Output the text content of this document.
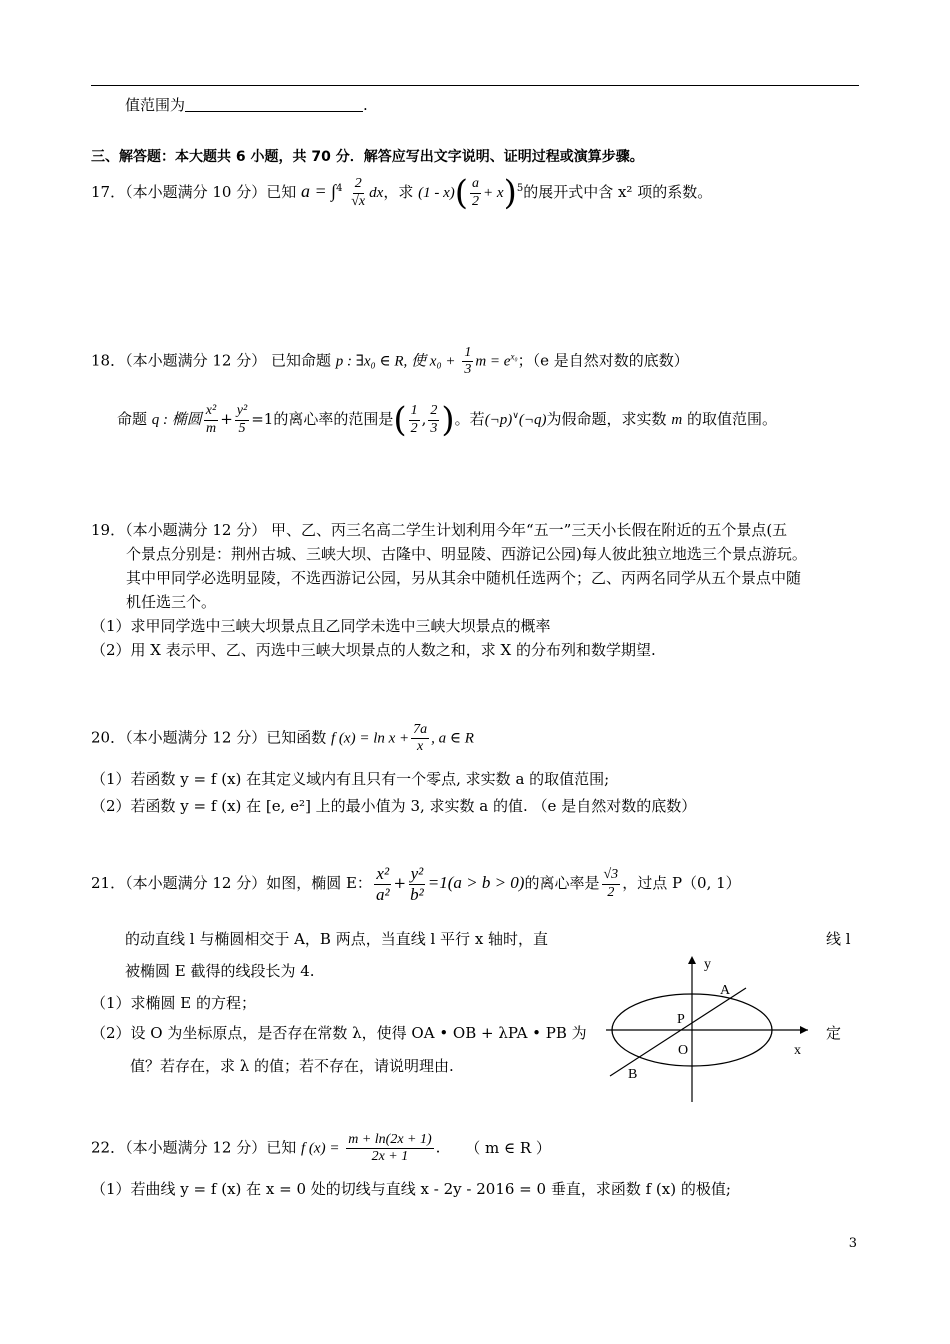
值范围为	.
三、解答题：本大题共 6 小题，共 70 分．解答应写出文字说明、证明过程或演算步骤。
17．（本小题满分 10 分）已知 $a = \int^4 \frac{2}{√x}$ dx，求 $(1 - x)( \frac{a}{2} + x)^5$的展开式中含 x² 项的系数。
18．（本小题满分 12 分） 已知命题 p : ∃x₀ ∈ R, 使 $x_0 + \frac{1}{3}$ $m = e^{x_0}$；（e 是自然对数的底数）
命题 q : 椭圆 $\frac{\text{x²}}{m} + \frac{\text{y²}}{5} =1$的离心率的范围是( $\frac{1}{2}$ , $\frac{2}{3}$ )。若(¬p)∨(¬q)为假命题，求实数 m 的取值范围。
19．（本小题满分 12 分） 甲、乙、丙三名高二学生计划利用今年“五一”三天小长假在附近的五个景点(五
个景点分别是：荆州古城、三峡大坝、古隆中、明显陵、西游记公园)每人彼此独立地选三个景点游玩。
其中甲同学必选明显陵，不选西游记公园，另从其余中随机任选两个；乙、丙两名同学从五个景点中随
机任选三个。
（1）求甲同学选中三峡大坝景点且乙同学未选中三峡大坝景点的概率
（2）用 X 表示甲、乙、丙选中三峡大坝景点的人数之和，求 X 的分布列和数学期望.
20．（本小题满分 12 分）已知函数 f $(x) = \ln x + \frac{7a}{x}$ , a ∈ R
（1）若函数 y = f (x) 在其定义域内有且只有一个零点, 求实数 a 的取值范围;
（2）若函数 y = f (x) 在 [e, e²] 上的最小值为 3, 求实数 a 的值. （e 是自然对数的底数）
21．（本小题满分 12 分）如图，椭圆 E： $\frac{\text{x²}}{\text{a²}} + \frac{\text{y²}}{\text{b²}} =1(a > b > 0)$的离心率是 $\frac{√3}{2}$ ，过点 P（0, 1）
的动直线 l 与椭圆相交于 A，B 两点，当直线 l 平行 x 轴时，直	线 l
被椭圆 E 截得的线段长为 4.
（1）求椭圆 E 的方程；
（2）设 O 为坐标原点，是否存在常数 λ，使得 OA • OB + λPA • PB 为	定
值？若存在，求 λ 的值；若不存在，请说明理由.
y
x
A
B
P
O
22．（本小题满分 12 分）已知 f $(x) = \frac{m + \ln(2x + 1)}{2x + 1}$ . （ m ∈ R ）
（1）若曲线 y = f (x) 在 x = 0 处的切线与直线 x - 2y - 2016 = 0 垂直，求函数 f (x) 的极值;
3
